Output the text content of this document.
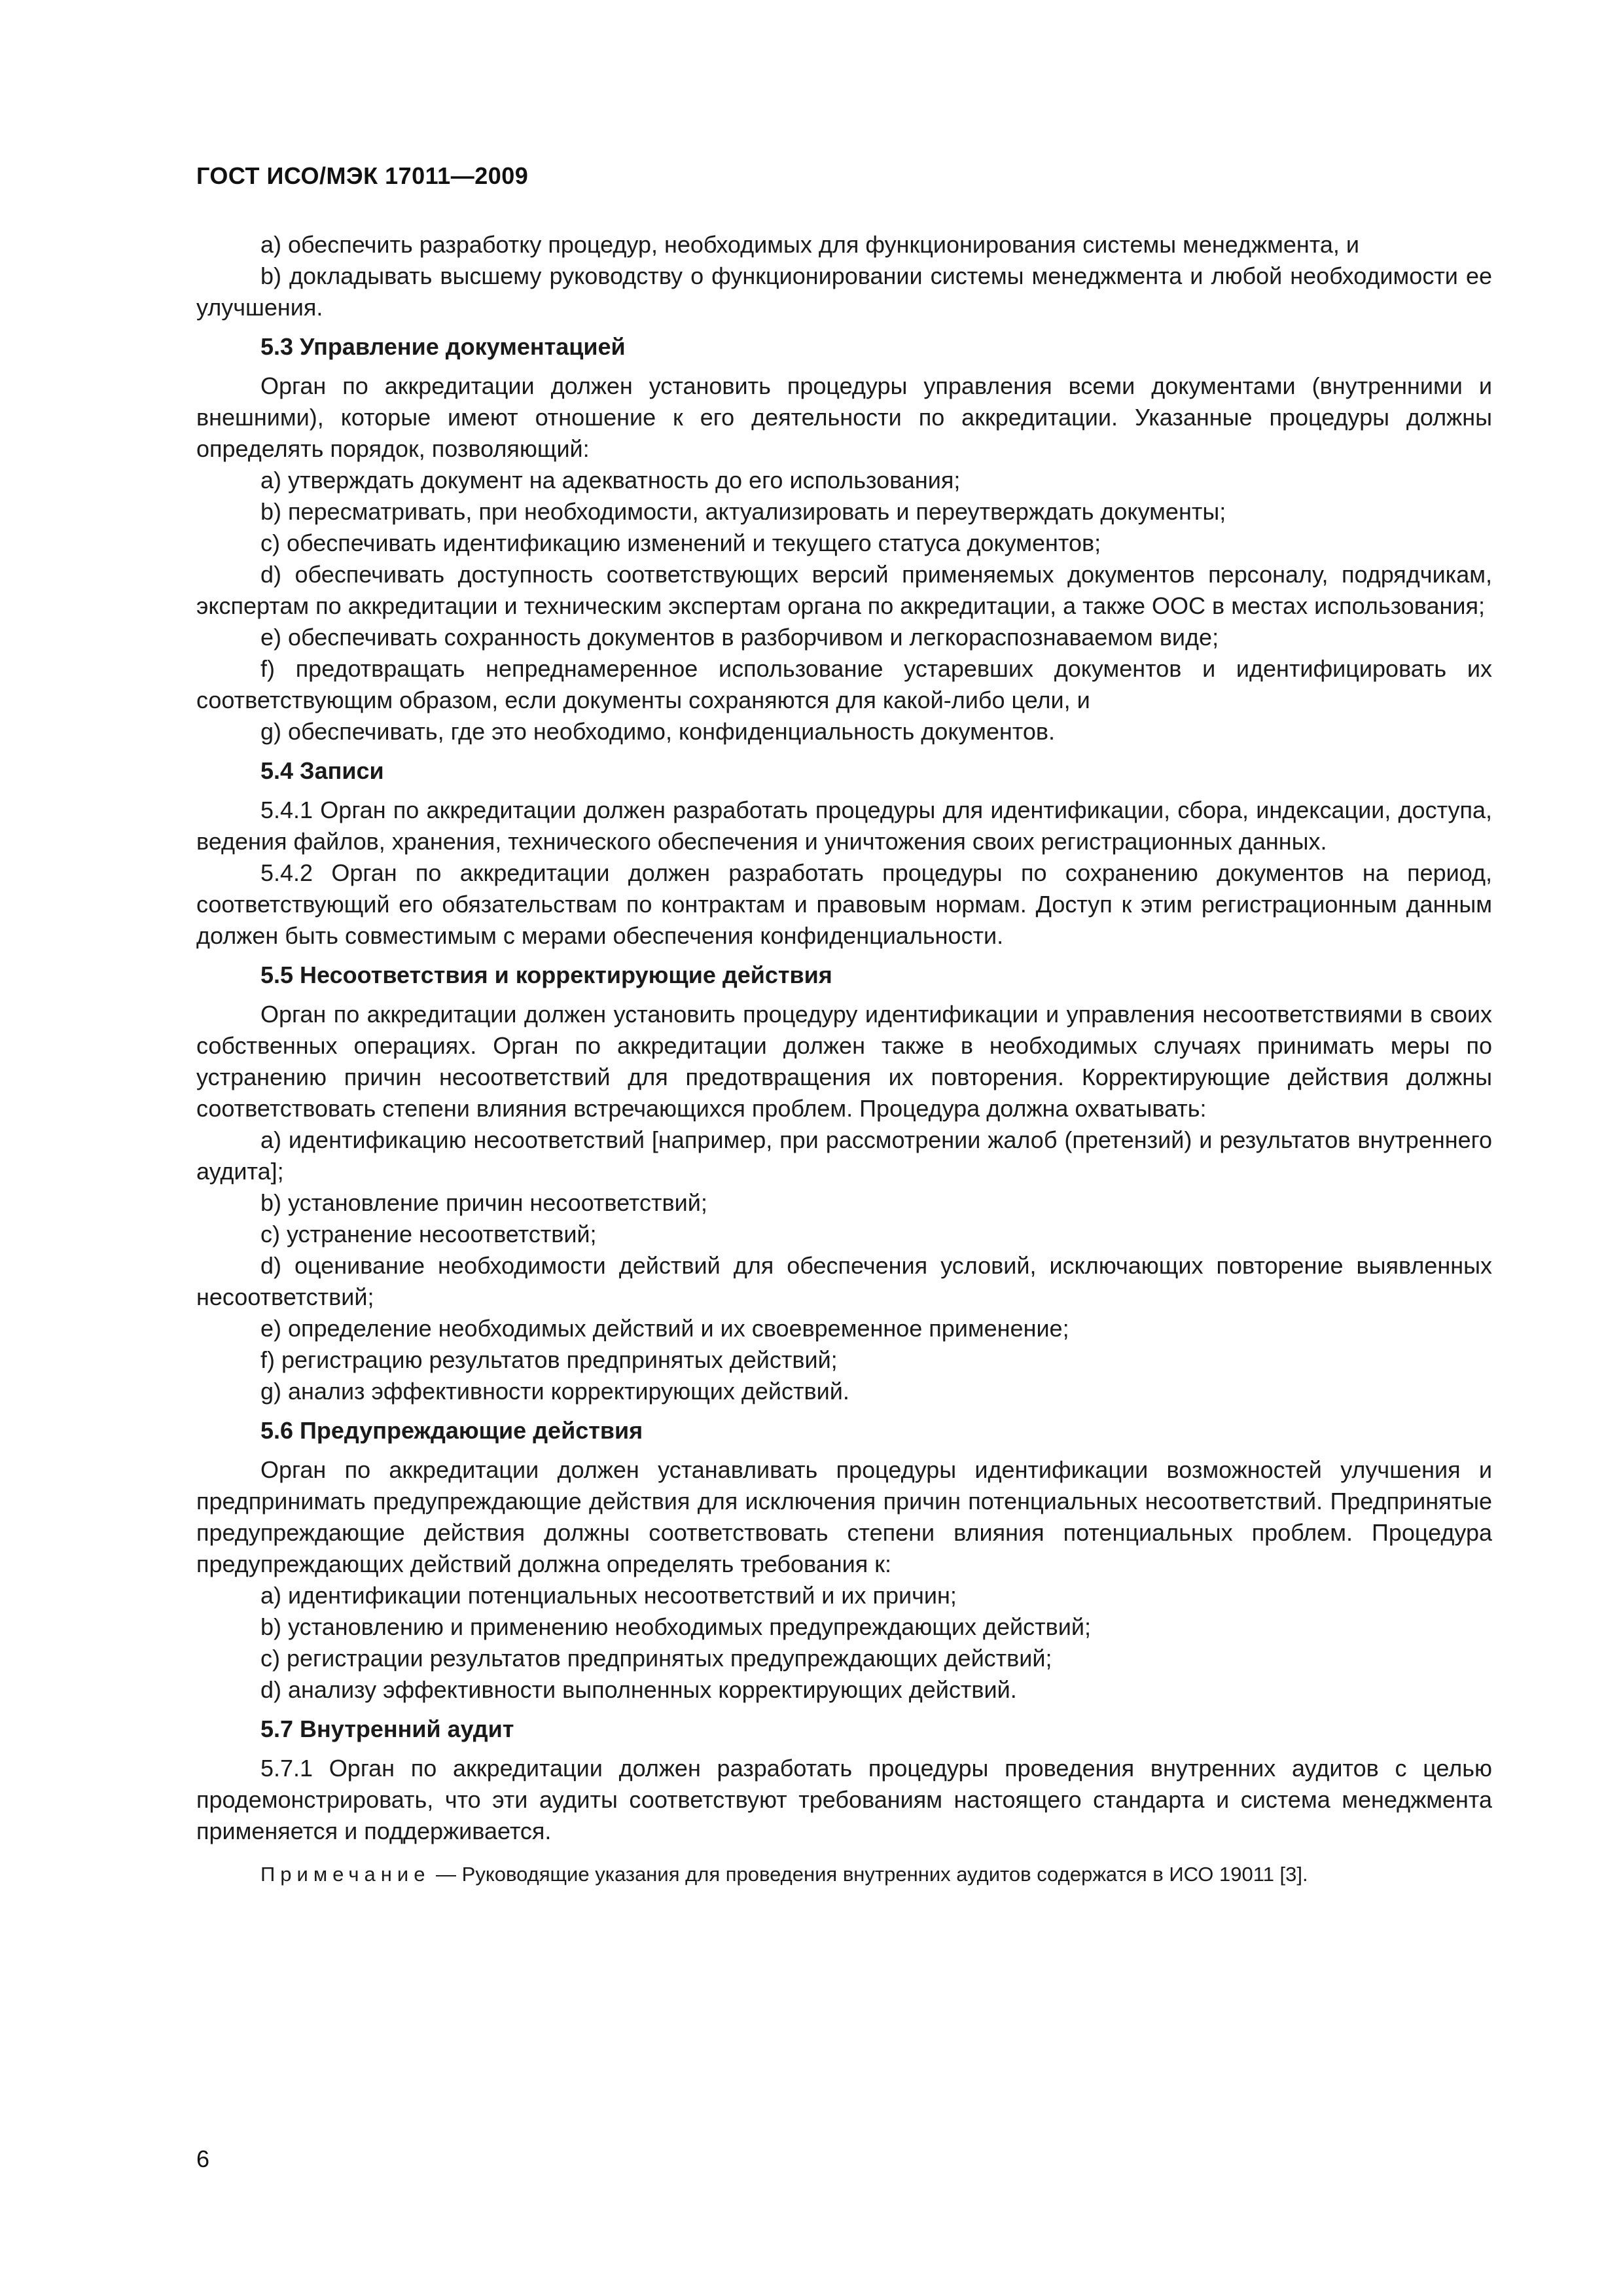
ГОСТ ИСО/МЭК 17011—2009

а) обеспечить разработку процедур, необходимых для функционирования системы менеджмента, и

b) докладывать высшему руководству о функционировании системы менеджмента и любой необходимости ее улучшения.

5.3 Управление документацией

Орган по аккредитации должен установить процедуры управления всеми документами (внутренними и внешними), которые имеют отношение к его деятельности по аккредитации. Указанные процедуры должны определять порядок, позволяющий:

а) утверждать документ на адекватность до его использования;

b) пересматривать, при необходимости, актуализировать и переутверждать документы;

с) обеспечивать идентификацию изменений и текущего статуса документов;

d) обеспечивать доступность соответствующих версий применяемых документов персоналу, подрядчикам, экспертам по аккредитации и техническим экспертам органа по аккредитации, а также ООС в местах использования;

е) обеспечивать сохранность документов в разборчивом и легкораспознаваемом виде;

f) предотвращать непреднамеренное использование устаревших документов и идентифицировать их соответствующим образом, если документы сохраняются для какой-либо цели, и

g) обеспечивать, где это необходимо, конфиденциальность документов.

5.4 Записи

5.4.1 Орган по аккредитации должен разработать процедуры для идентификации, сбора, индексации, доступа, ведения файлов, хранения, технического обеспечения и уничтожения своих регистрационных данных.

5.4.2 Орган по аккредитации должен разработать процедуры по сохранению документов на период, соответствующий его обязательствам по контрактам и правовым нормам. Доступ к этим регистрационным данным должен быть совместимым с мерами обеспечения конфиденциальности.

5.5 Несоответствия и корректирующие действия

Орган по аккредитации должен установить процедуру идентификации и управления несоответствиями в своих собственных операциях. Орган по аккредитации должен также в необходимых случаях принимать меры по устранению причин несоответствий для предотвращения их повторения. Корректирующие действия должны соответствовать степени влияния встречающихся проблем. Процедура должна охватывать:

а) идентификацию несоответствий [например, при рассмотрении жалоб (претензий) и результатов внутреннего аудита];

b) установление причин несоответствий;

с) устранение несоответствий;

d) оценивание необходимости действий для обеспечения условий, исключающих повторение выявленных несоответствий;

е) определение необходимых действий и их своевременное применение;

f) регистрацию результатов предпринятых действий;

g) анализ эффективности корректирующих действий.

5.6 Предупреждающие действия

Орган по аккредитации должен устанавливать процедуры идентификации возможностей улучшения и предпринимать предупреждающие действия для исключения причин потенциальных несоответствий. Предпринятые предупреждающие действия должны соответствовать степени влияния потенциальных проблем. Процедура предупреждающих действий должна определять требования к:

а) идентификации потенциальных несоответствий и их причин;

b) установлению и применению необходимых предупреждающих действий;

с) регистрации результатов предпринятых предупреждающих действий;

d) анализу эффективности выполненных корректирующих действий.

5.7 Внутренний аудит

5.7.1 Орган по аккредитации должен разработать процедуры проведения внутренних аудитов с целью продемонстрировать, что эти аудиты соответствуют требованиям настоящего стандарта и система менеджмента применяется и поддерживается.

Примечание — Руководящие указания для проведения внутренних аудитов содержатся в ИСО 19011 [3].

6
